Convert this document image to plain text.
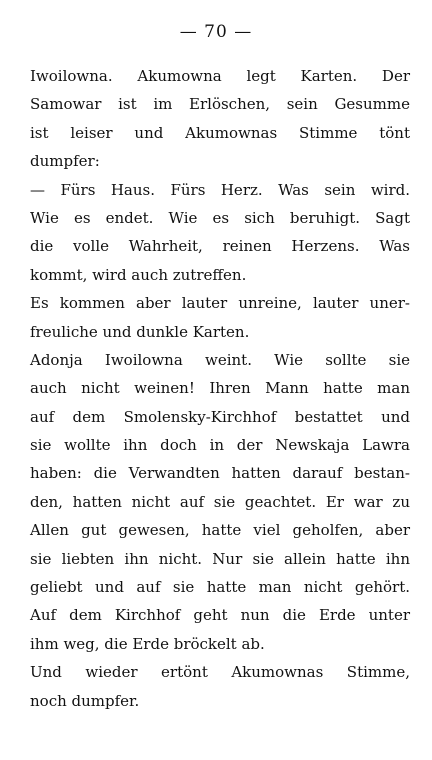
— 70 —
Iwoilowna. Akumowna legt Karten. Der
Samowar ist im Erlöschen, sein Gesumme
ist leiser und Akumownas Stimme tönt
dumpfer:
— Fürs Haus. Fürs Herz. Was sein wird.
Wie es endet. Wie es sich beruhigt. Sagt
die volle Wahrheit, reinen Herzens. Was
kommt, wird auch zutreffen.
Es kommen aber lauter unreine, lauter uner-
freuliche und dunkle Karten.
Adonja Iwoilowna weint. Wie sollte sie
auch nicht weinen! Ihren Mann hatte man
auf dem Smolensky-Kirchhof bestattet und
sie wollte ihn doch in der Newskaja Lawra
haben: die Verwandten hatten darauf bestan-
den, hatten nicht auf sie geachtet. Er war zu
Allen gut gewesen, hatte viel geholfen, aber
sie liebten ihn nicht. Nur sie allein hatte ihn
geliebt und auf sie hatte man nicht gehört.
Auf dem Kirchhof geht nun die Erde unter
ihm weg, die Erde bröckelt ab.
Und wieder ertönt Akumownas Stimme,
noch dumpfer.
